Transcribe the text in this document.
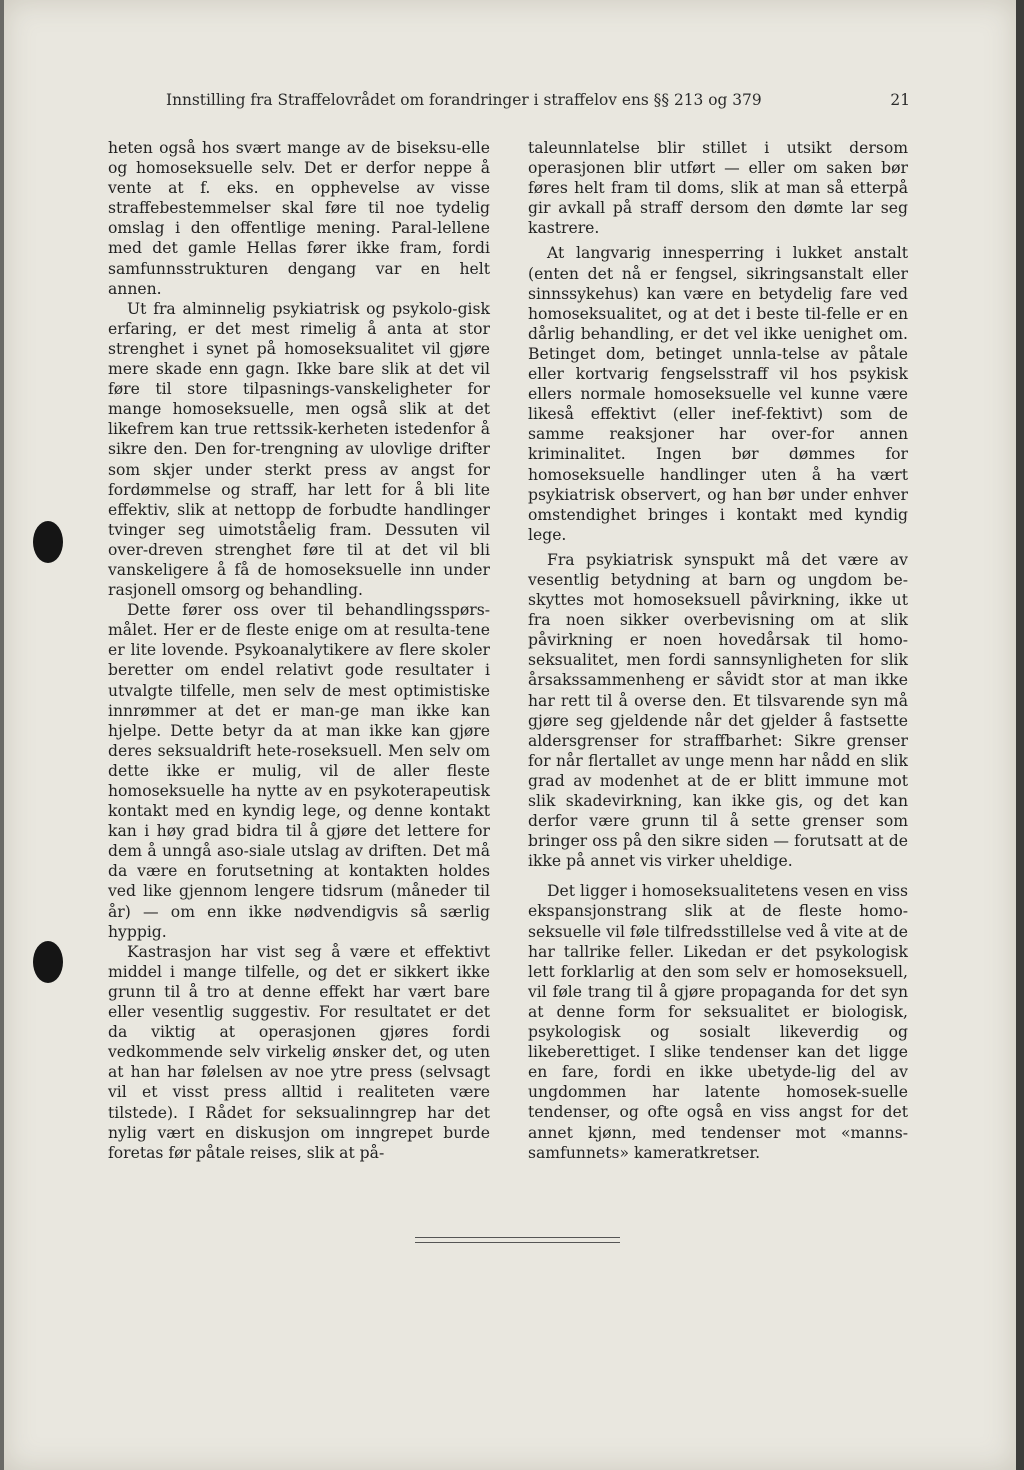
Innstilling fra Straffelovrådet om forandringer i straffelov ens §§ 213 og 379	21

heten også hos svært mange av de biseksu-elle og homoseksuelle selv. Det er derfor neppe å vente at f. eks. en opphevelse av visse straffebestemmelser skal føre til noe tydelig omslag i den offentlige mening. Paral-lellene med det gamle Hellas fører ikke fram, fordi samfunnsstrukturen dengang var en helt annen.

Ut fra alminnelig psykiatrisk og psykolo-gisk erfaring, er det mest rimelig å anta at stor strenghet i synet på homoseksualitet vil gjøre mere skade enn gagn. Ikke bare slik at det vil føre til store tilpasnings-vanskeligheter for mange homoseksuelle, men også slik at det likefrem kan true rettssik-kerheten istedenfor å sikre den. Den for-trengning av ulovlige drifter som skjer under sterkt press av angst for fordømmelse og straff, har lett for å bli lite effektiv, slik at nettopp de forbudte handlinger tvinger seg uimotståelig fram. Dessuten vil over-dreven strenghet føre til at det vil bli vanskeligere å få de homoseksuelle inn under rasjonell omsorg og behandling.

Dette fører oss over til behandlingsspørs-målet. Her er de fleste enige om at resulta-tene er lite lovende. Psykoanalytikere av flere skoler beretter om endel relativt gode resultater i utvalgte tilfelle, men selv de mest optimistiske innrømmer at det er man-ge man ikke kan hjelpe. Dette betyr da at man ikke kan gjøre deres seksualdrift hete-roseksuell. Men selv om dette ikke er mulig, vil de aller fleste homoseksuelle ha nytte av en psykoterapeutisk kontakt med en kyndig lege, og denne kontakt kan i høy grad bidra til å gjøre det lettere for dem å unngå aso-siale utslag av driften. Det må da være en forutsetning at kontakten holdes ved like gjennom lengere tidsrum (måneder til år) — om enn ikke nødvendigvis så særlig hyppig.

Kastrasjon har vist seg å være et effektivt middel i mange tilfelle, og det er sikkert ikke grunn til å tro at denne effekt har vært bare eller vesentlig suggestiv. For resultatet er det da viktig at operasjonen gjøres fordi vedkommende selv virkelig ønsker det, og uten at han har følelsen av noe ytre press (selvsagt vil et visst press alltid i realiteten være tilstede). I Rådet for seksualinngrep har det nylig vært en diskusjon om inngrepet burde foretas før påtale reises, slik at på-

taleunnlatelse blir stillet i utsikt dersom operasjonen blir utført — eller om saken bør føres helt fram til doms, slik at man så etterpå gir avkall på straff dersom den dømte lar seg kastrere.

At langvarig innesperring i lukket anstalt (enten det nå er fengsel, sikringsanstalt eller sinnssykehus) kan være en betydelig fare ved homoseksualitet, og at det i beste til-felle er en dårlig behandling, er det vel ikke uenighet om. Betinget dom, betinget unnla-telse av påtale eller kortvarig fengselsstraff vil hos psykisk ellers normale homoseksuelle vel kunne være likeså effektivt (eller inef-fektivt) som de samme reaksjoner har over-for annen kriminalitet. Ingen bør dømmes for homoseksuelle handlinger uten å ha vært psykiatrisk observert, og han bør under enhver omstendighet bringes i kontakt med kyndig lege.

Fra psykiatrisk synspukt må det være av vesentlig betydning at barn og ungdom be-skyttes mot homoseksuell påvirkning, ikke ut fra noen sikker overbevisning om at slik påvirkning er noen hovedårsak til homo-seksualitet, men fordi sannsynligheten for slik årsakssammenheng er såvidt stor at man ikke har rett til å overse den. Et tilsvarende syn må gjøre seg gjeldende når det gjelder å fastsette aldersgrenser for straffbarhet: Sikre grenser for når flertallet av unge menn har nådd en slik grad av modenhet at de er blitt immune mot slik skadevirkning, kan ikke gis, og det kan derfor være grunn til å sette grenser som bringer oss på den sikre siden — forutsatt at de ikke på annet vis virker uheldige.

Det ligger i homoseksualitetens vesen en viss ekspansjonstrang slik at de fleste homo-seksuelle vil føle tilfredsstillelse ved å vite at de har tallrike feller. Likedan er det psykologisk lett forklarlig at den som selv er homoseksuell, vil føle trang til å gjøre propaganda for det syn at denne form for seksualitet er biologisk, psykologisk og sosialt likeverdig og likeberettiget. I slike tendenser kan det ligge en fare, fordi en ikke ubetyde-lig del av ungdommen har latente homosek-suelle tendenser, og ofte også en viss angst for det annet kjønn, med tendenser mot «manns-samfunnets» kameratkretser.
